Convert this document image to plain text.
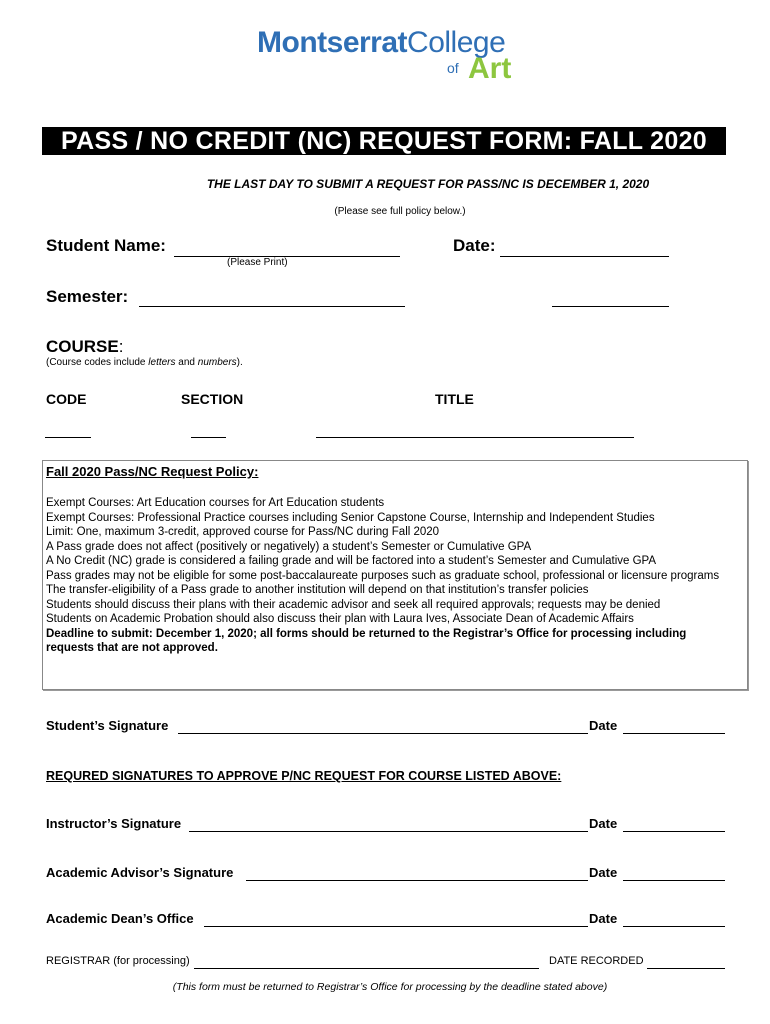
MontserratCollege
of Art
PASS / NO CREDIT (NC) REQUEST FORM: FALL 2020
THE LAST DAY TO SUBMIT A REQUEST FOR PASS/NC IS DECEMBER 1, 2020
(Please see full policy below.)
Student Name:
(Please Print)
Date:
Semester:
COURSE:
(Course codes include letters and numbers).
CODE	SECTION	TITLE
Fall 2020 Pass/NC Request Policy:
Exempt Courses: Art Education courses for Art Education students
Exempt Courses: Professional Practice courses including Senior Capstone Course, Internship and Independent Studies
Limit: One, maximum 3-credit, approved course for Pass/NC during Fall 2020
A Pass grade does not affect (positively or negatively) a student’s Semester or Cumulative GPA
A No Credit (NC) grade is considered a failing grade and will be factored into a student’s Semester and Cumulative GPA
Pass grades may not be eligible for some post-baccalaureate purposes such as graduate school, professional or licensure programs
The transfer-eligibility of a Pass grade to another institution will depend on that institution’s transfer policies
Students should discuss their plans with their academic advisor and seek all required approvals; requests may be denied
Students on Academic Probation should also discuss their plan with Laura Ives, Associate Dean of Academic Affairs
Deadline to submit: December 1, 2020; all forms should be returned to the Registrar’s Office for processing including requests that are not approved.
Student’s Signature	Date
REQURED SIGNATURES TO APPROVE P/NC REQUEST FOR COURSE LISTED ABOVE:
Instructor’s Signature	Date
Academic Advisor’s Signature	Date
Academic Dean’s Office	Date
REGISTRAR (for processing)	DATE RECORDED
(This form must be returned to Registrar’s Office for processing by the deadline stated above)
